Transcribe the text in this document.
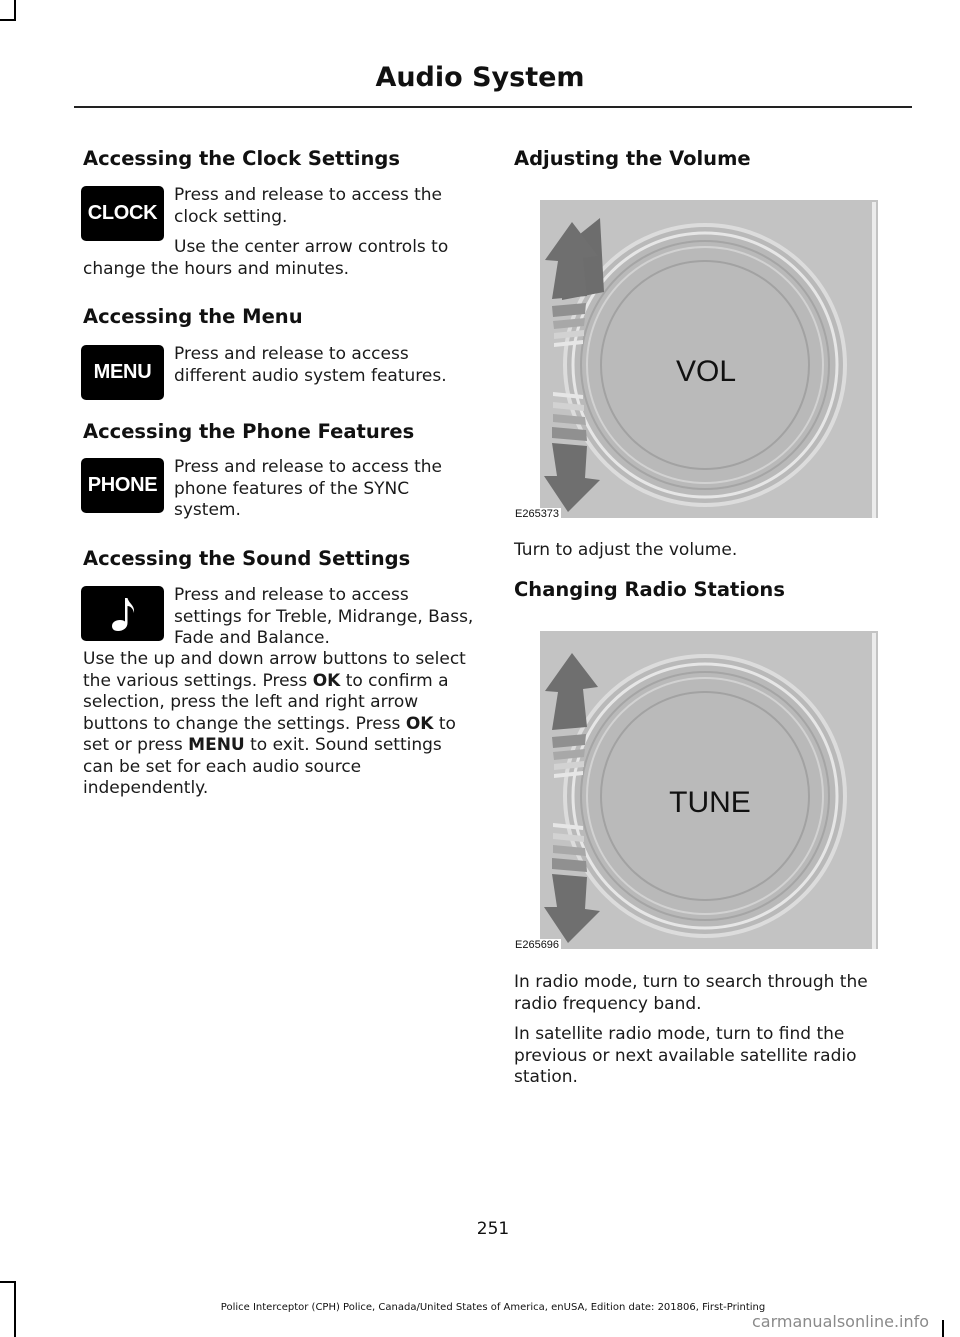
Audio System
Accessing the Clock Settings
CLOCK
Press and release to access the clock setting.
Use the center arrow controls to change the hours and minutes.
Accessing the Menu
MENU
Press and release to access different audio system features.
Accessing the Phone Features
PHONE
Press and release to access the phone features of the SYNC system.
Accessing the Sound Settings
Press and release to access settings for Treble, Midrange, Bass, Fade and Balance.
Use the up and down arrow buttons to select the various settings. Press OK to confirm a selection, press the left and right arrow buttons to change the settings. Press OK to set or press MENU to exit. Sound settings can be set for each audio source independently.
Adjusting the Volume
VOL
E265373
Turn to adjust the volume.
Changing Radio Stations
TUNE
E265696
In radio mode, turn to search through the radio frequency band.
In satellite radio mode, turn to find the previous or next available satellite radio station.
251
Police Interceptor (CPH) Police, Canada/United States of America, enUSA, Edition date: 201806, First-Printing
carmanualsonline.info
